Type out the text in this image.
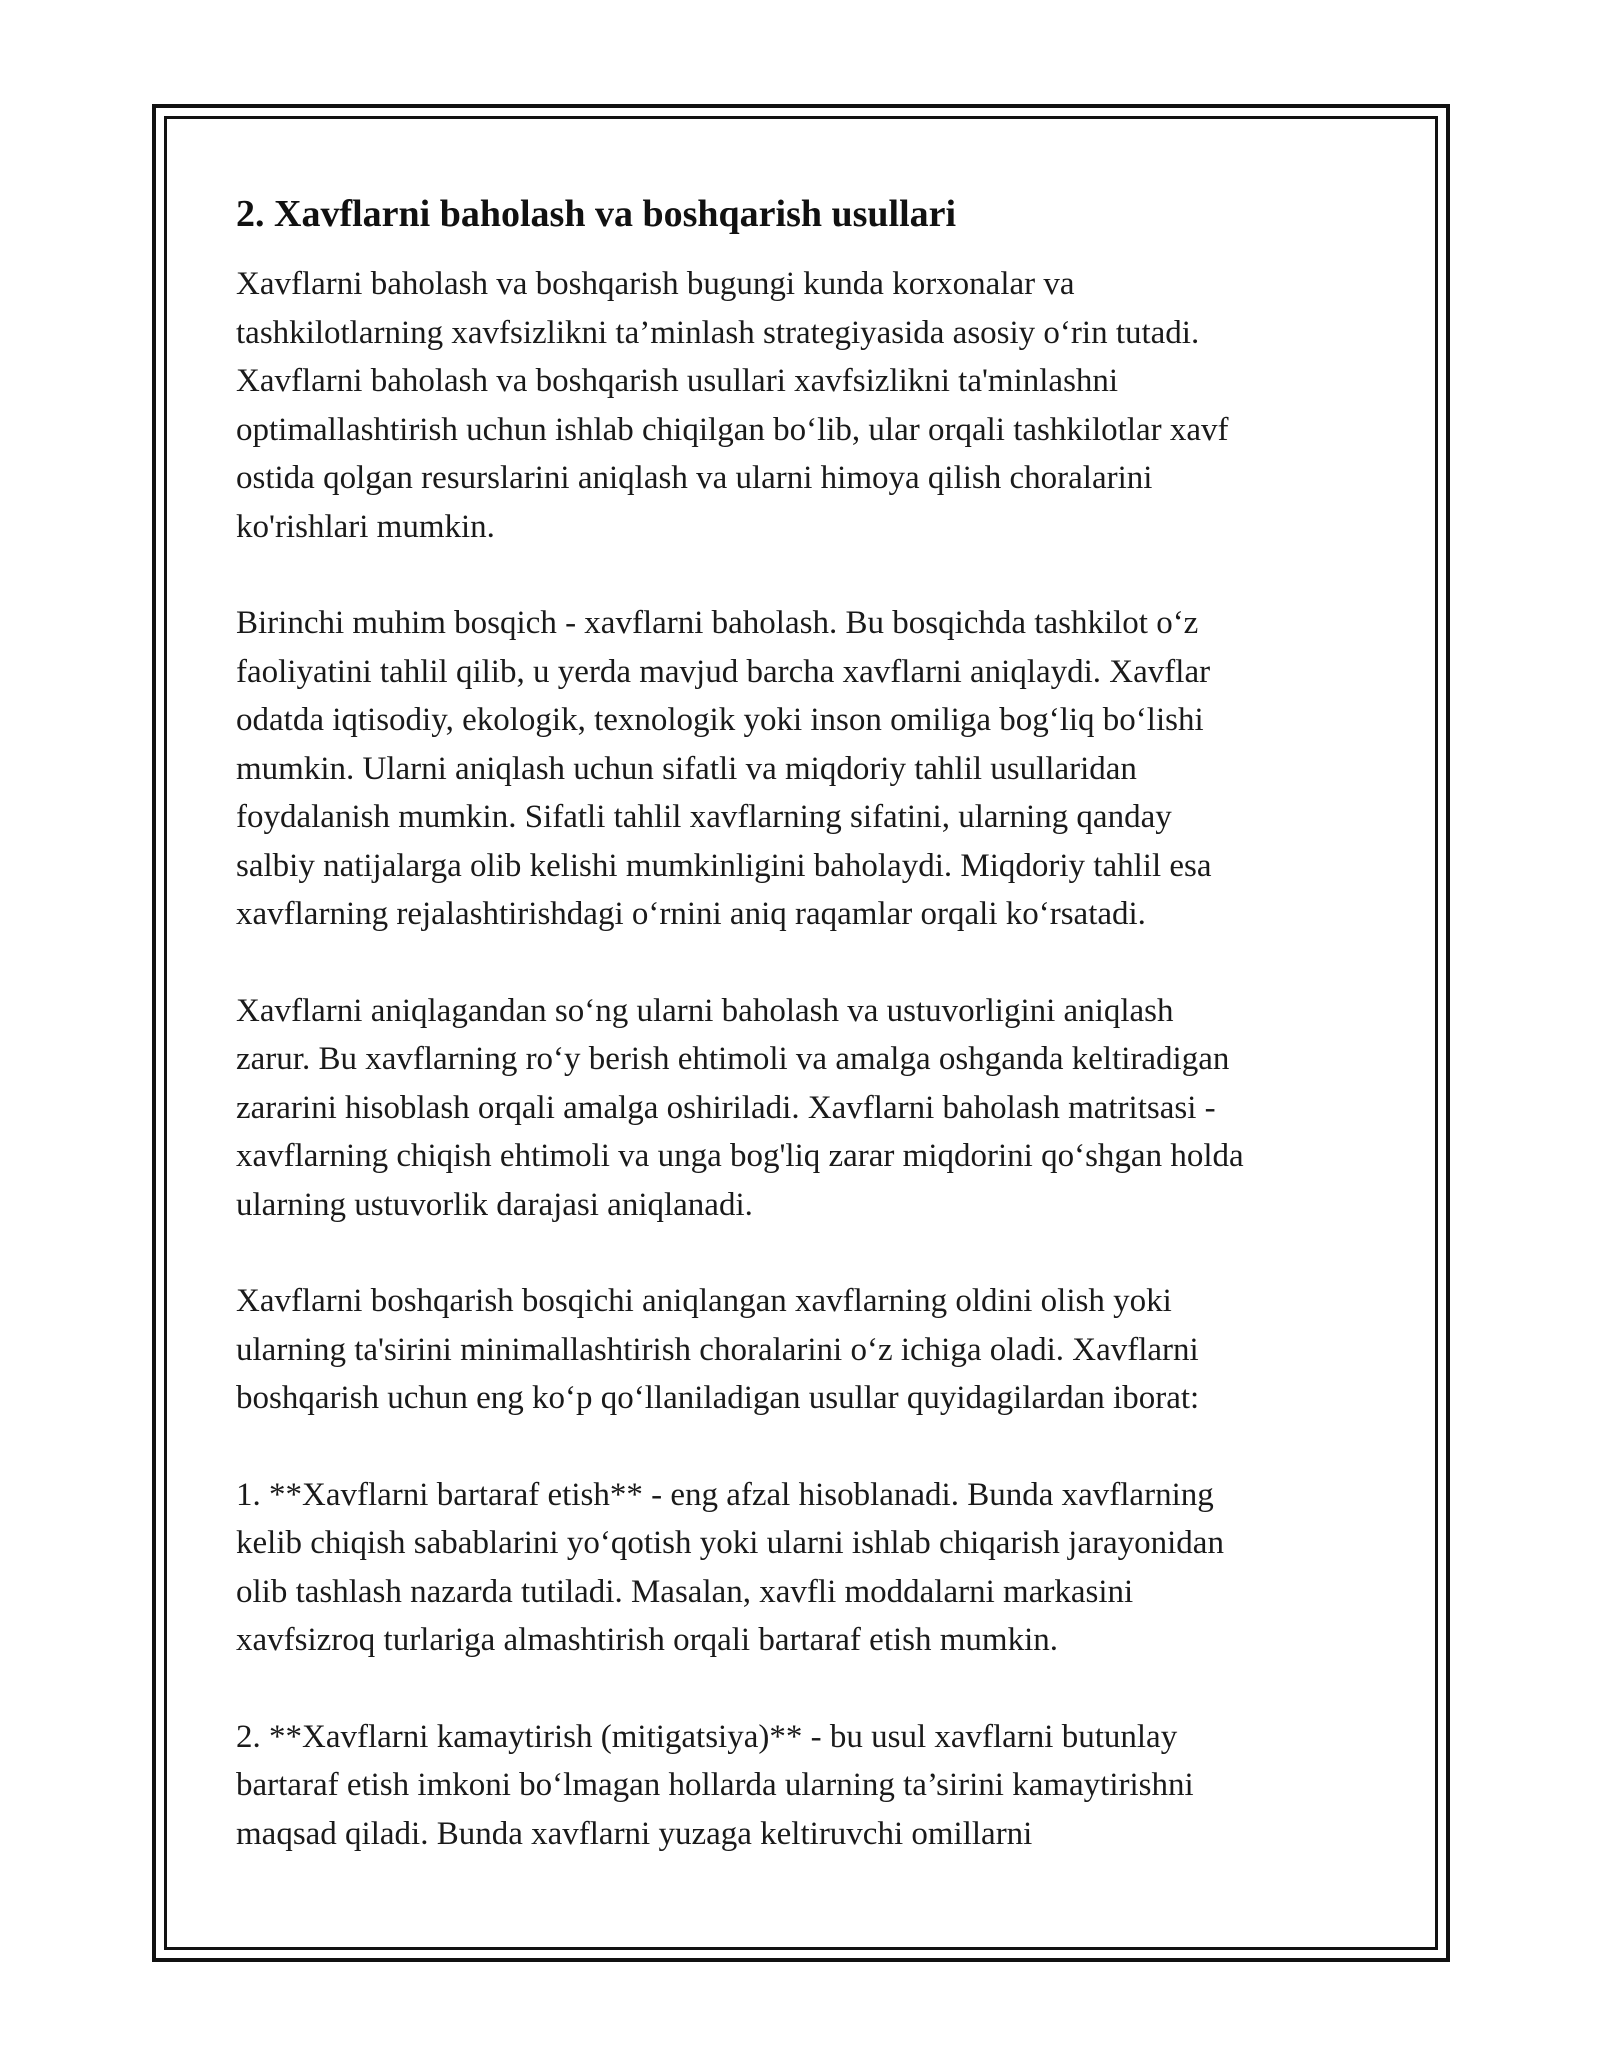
2. Xavflarni baholash va boshqarish usullari

Xavflarni baholash va boshqarish bugungi kunda korxonalar va
tashkilotlarning xavfsizlikni ta’minlash strategiyasida asosiy o‘rin tutadi.
Xavflarni baholash va boshqarish usullari xavfsizlikni ta'minlashni
optimallashtirish uchun ishlab chiqilgan bo‘lib, ular orqali tashkilotlar xavf
ostida qolgan resurslarini aniqlash va ularni himoya qilish choralarini
ko'rishlari mumkin.

Birinchi muhim bosqich - xavflarni baholash. Bu bosqichda tashkilot o‘z
faoliyatini tahlil qilib, u yerda mavjud barcha xavflarni aniqlaydi. Xavflar
odatda iqtisodiy, ekologik, texnologik yoki inson omiliga bog‘liq bo‘lishi
mumkin. Ularni aniqlash uchun sifatli va miqdoriy tahlil usullaridan
foydalanish mumkin. Sifatli tahlil xavflarning sifatini, ularning qanday
salbiy natijalarga olib kelishi mumkinligini baholaydi. Miqdoriy tahlil esa
xavflarning rejalashtirishdagi o‘rnini aniq raqamlar orqali ko‘rsatadi.

Xavflarni aniqlagandan so‘ng ularni baholash va ustuvorligini aniqlash
zarur. Bu xavflarning ro‘y berish ehtimoli va amalga oshganda keltiradigan
zararini hisoblash orqali amalga oshiriladi. Xavflarni baholash matritsasi -
xavflarning chiqish ehtimoli va unga bog'liq zarar miqdorini qo‘shgan holda
ularning ustuvorlik darajasi aniqlanadi.

Xavflarni boshqarish bosqichi aniqlangan xavflarning oldini olish yoki
ularning ta'sirini minimallashtirish choralarini o‘z ichiga oladi. Xavflarni
boshqarish uchun eng ko‘p qo‘llaniladigan usullar quyidagilardan iborat:

1. **Xavflarni bartaraf etish** - eng afzal hisoblanadi. Bunda xavflarning
kelib chiqish sabablarini yo‘qotish yoki ularni ishlab chiqarish jarayonidan
olib tashlash nazarda tutiladi. Masalan, xavfli moddalarni markasini
xavfsizroq turlariga almashtirish orqali bartaraf etish mumkin.

2. **Xavflarni kamaytirish (mitigatsiya)** - bu usul xavflarni butunlay
bartaraf etish imkoni bo‘lmagan hollarda ularning ta’sirini kamaytirishni
maqsad qiladi. Bunda xavflarni yuzaga keltiruvchi omillarni
